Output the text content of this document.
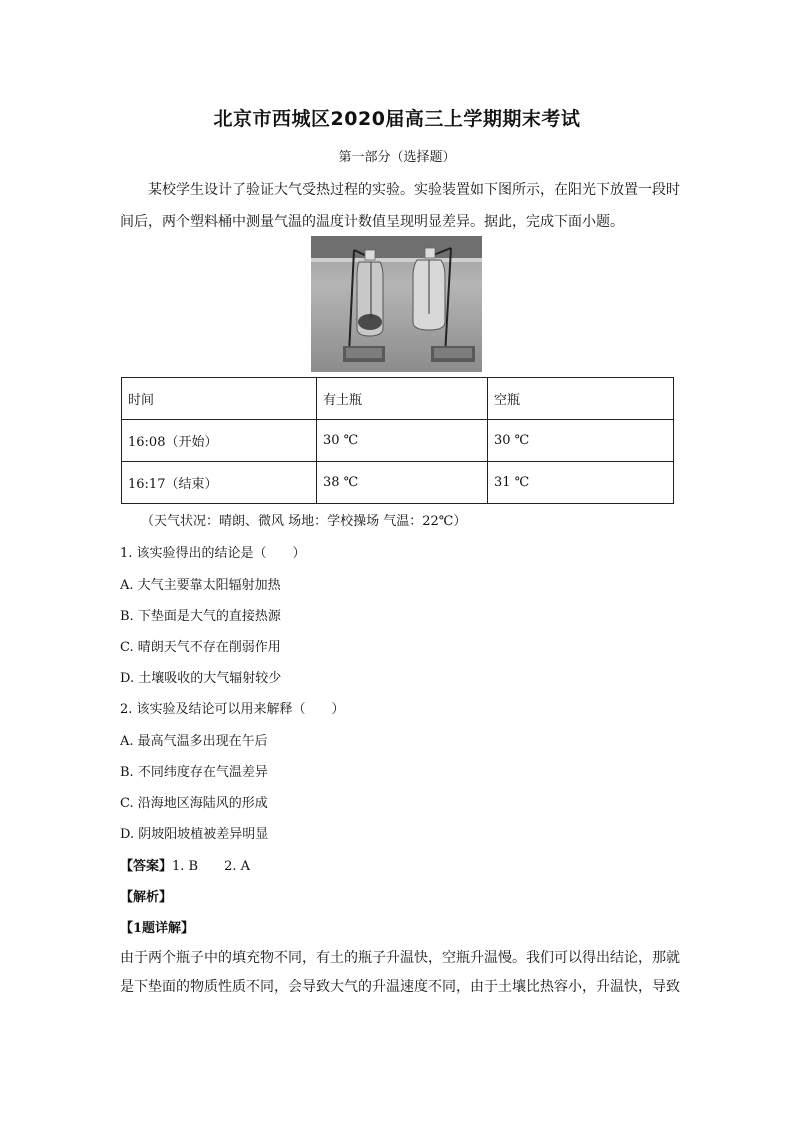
北京市西城区2020届高三上学期期末考试
第一部分（选择题）

某校学生设计了验证大气受热过程的实验。实验装置如下图所示，在阳光下放置一段时间后，两个塑料桶中测量气温的温度计数值呈现明显差异。据此，完成下面小题。

时间	有土瓶	空瓶
16:08（开始）	30 ℃	30 ℃
16:17（结束）	38 ℃	31 ℃
（天气状况：晴朗、微风 场地：学校操场 气温：22℃）
1. 该实验得出的结论是（　　）
A. 大气主要靠太阳辐射加热
B. 下垫面是大气的直接热源
C. 晴朗天气不存在削弱作用
D. 土壤吸收的大气辐射较少
2. 该实验及结论可以用来解释（　　）
A. 最高气温多出现在午后
B. 不同纬度存在气温差异
C. 沿海地区海陆风的形成
D. 阴坡阳坡植被差异明显
【答案】1. B　　2. A
【解析】
【1题详解】

由于两个瓶子中的填充物不同，有土的瓶子升温快，空瓶升温慢。我们可以得出结论，那就是下垫面的物质性质不同，会导致大气的升温速度不同，由于土壤比热容小，升温快，导致
